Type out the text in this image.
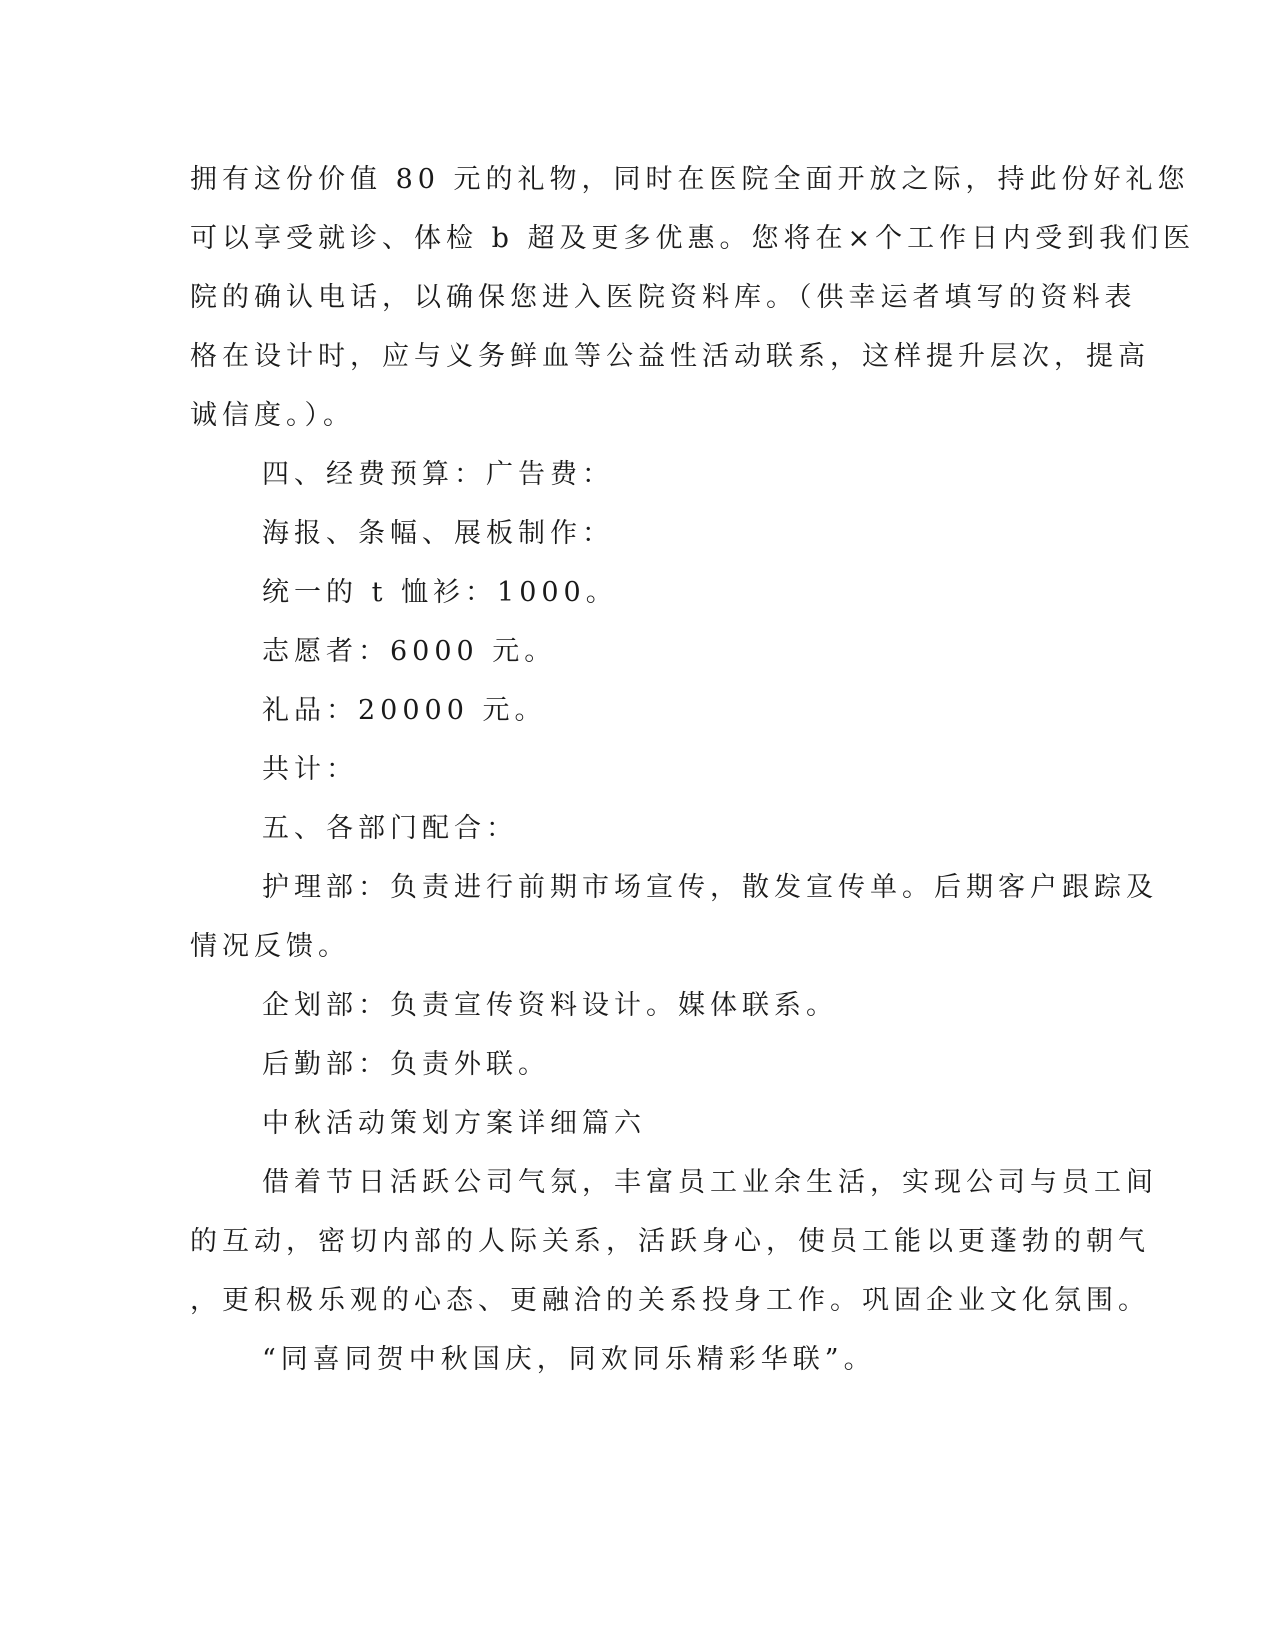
拥有这份价值 80 元的礼物，同时在医院全面开放之际，持此份好礼您
可以享受就诊、体检 b 超及更多优惠。您将在×个工作日内受到我们医
院的确认电话，以确保您进入医院资料库。（供幸运者填写的资料表
格在设计时，应与义务鲜血等公益性活动联系，这样提升层次，提高
诚信度。）。
四、经费预算：广告费：
海报、条幅、展板制作：
统一的 t 恤衫：1000。
志愿者：6000 元。
礼品：20000 元。
共计：
五、各部门配合：
护理部：负责进行前期市场宣传，散发宣传单。后期客户跟踪及
情况反馈。
企划部：负责宣传资料设计。媒体联系。
后勤部：负责外联。
中秋活动策划方案详细篇六
借着节日活跃公司气氛，丰富员工业余生活，实现公司与员工间
的互动，密切内部的人际关系，活跃身心，使员工能以更蓬勃的朝气
，更积极乐观的心态、更融洽的关系投身工作。巩固企业文化氛围。
“同喜同贺中秋国庆，同欢同乐精彩华联”。
